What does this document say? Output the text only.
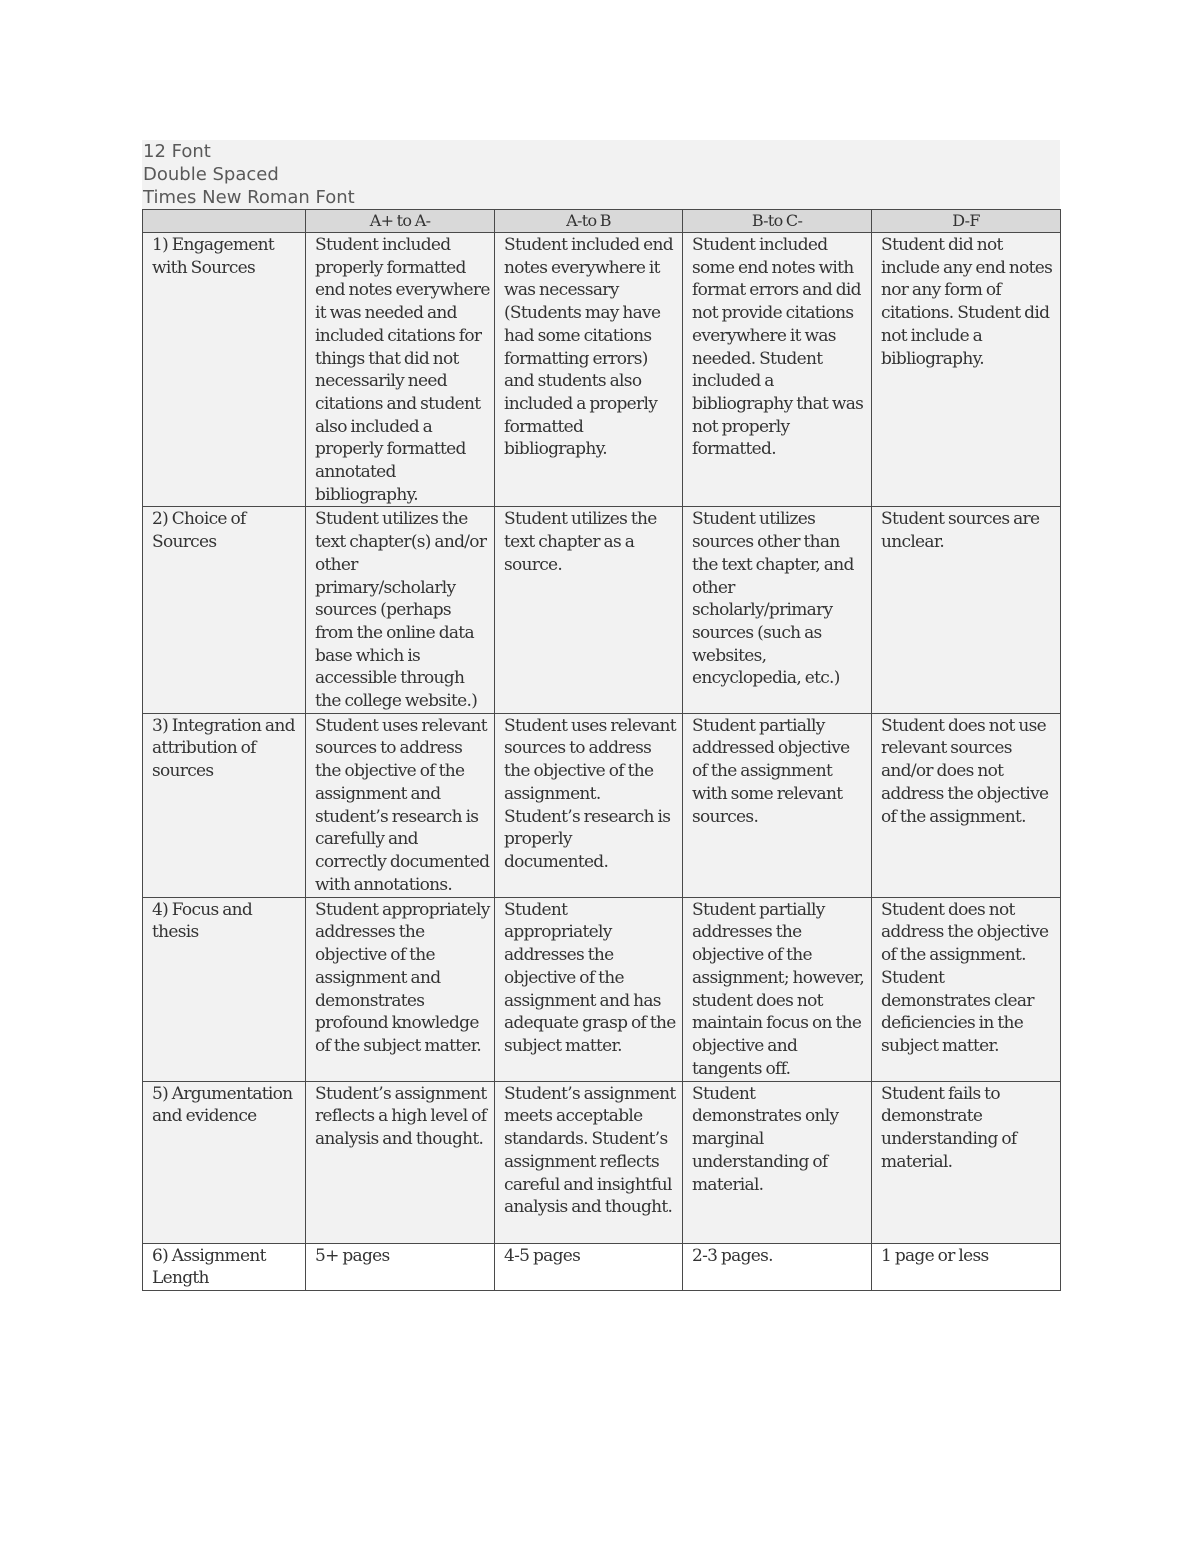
12 Font
Double Spaced
Times New Roman Font
	A+ to A-	A-to B	B-to C-	D-F
1) Engagement with Sources	Student included properly formatted end notes everywhere it was needed and included citations for things that did not necessarily need citations and student also included a properly formatted annotated bibliography.	Student included end notes everywhere it was necessary (Students may have had some citations formatting errors) and students also included a properly formatted bibliography.	Student included some end notes with format errors and did not provide citations everywhere it was needed. Student included a bibliography that was not properly formatted.	Student did not include any end notes nor any form of citations. Student did not include a bibliography.
2) Choice of Sources	Student utilizes the text chapter(s) and/or other primary/scholarly sources (perhaps from the online data base which is accessible through the college website.)	Student utilizes the text chapter as a source.	Student utilizes sources other than the text chapter, and other scholarly/primary sources (such as websites, encyclopedia, etc.)	Student sources are unclear.
3) Integration and attribution of sources	Student uses relevant sources to address the objective of the assignment and student’s research is carefully and correctly documented with annotations.	Student uses relevant sources to address the objective of the assignment. Student’s research is properly documented.	Student partially addressed objective of the assignment with some relevant sources.	Student does not use relevant sources and/or does not address the objective of the assignment.
4) Focus and thesis	Student appropriately addresses the objective of the assignment and demonstrates profound knowledge of the subject matter.	Student appropriately addresses the objective of the assignment and has adequate grasp of the subject matter.	Student partially addresses the objective of the assignment; however, student does not maintain focus on the objective and tangents off.	Student does not address the objective of the assignment. Student demonstrates clear deficiencies in the subject matter.
5) Argumentation and evidence	Student’s assignment reflects a high level of analysis and thought.	Student’s assignment meets acceptable standards. Student’s assignment reflects careful and insightful analysis and thought.	Student demonstrates only marginal understanding of material.	Student fails to demonstrate understanding of material.
6) Assignment Length	5+ pages	4-5 pages	2-3 pages.	1 page or less
